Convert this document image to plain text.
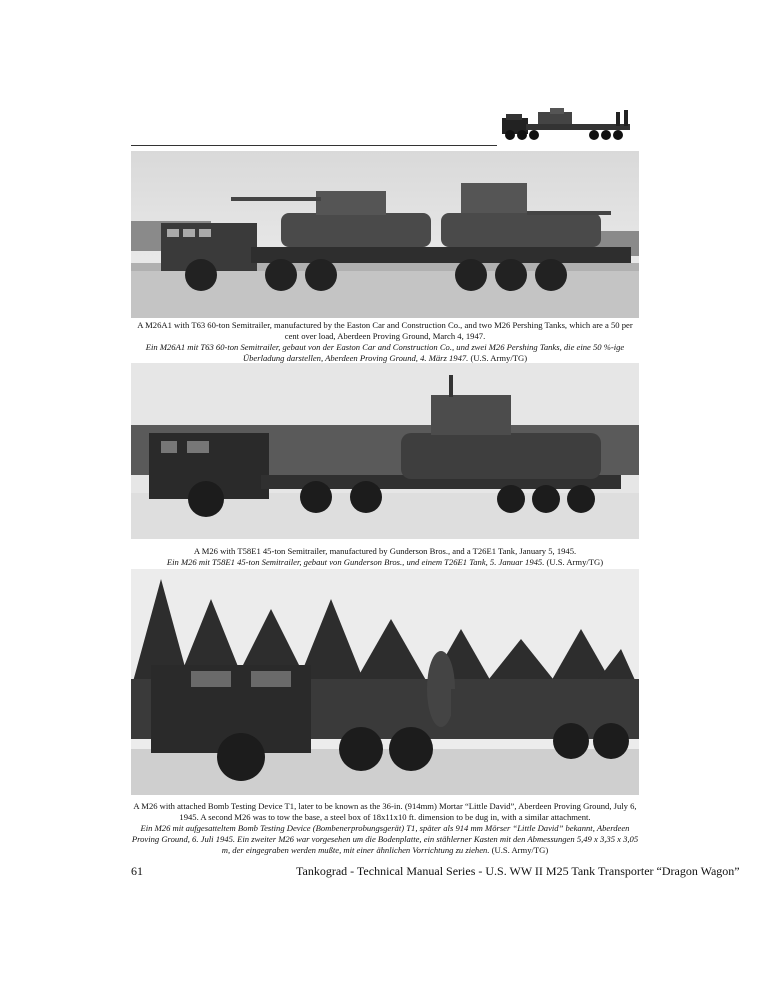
A M26A1 with T63 60-ton Semitrailer, manufactured by the Easton Car and Construction Co., and two M26 Pershing Tanks, which are a 50 per cent over load, Aberdeen Proving Ground, March 4, 1947.

Ein M26A1 mit T63 60-ton Semitrailer, gebaut von der Easton Car and Construction Co., und zwei M26 Pershing Tanks, die eine 50 %-ige Überladung darstellen, Aberdeen Proving Ground, 4. März 1947. (U.S. Army/TG)

A M26 with T58E1 45-ton Semitrailer, manufactured by Gunderson Bros., and a T26E1 Tank, January 5, 1945.

Ein M26 mit T58E1 45-ton Semitrailer, gebaut von Gunderson Bros., und einem T26E1 Tank, 5. Januar 1945. (U.S. Army/TG)

A M26 with attached Bomb Testing Device T1, later to be known as the 36-in. (914mm) Mortar “Little David”, Aberdeen Proving Ground, July 6, 1945. A second M26 was to tow the base, a steel box of 18x11x10 ft. dimension to be dug in, with a similar attachment.

Ein M26 mit aufgesatteltem Bomb Testing Device (Bombenerprobungsgerät) T1, später als 914 mm Mörser “Little David” bekannt, Aberdeen Proving Ground, 6. Juli 1945. Ein zweiter M26 war vorgesehen um die Bodenplatte, ein stählerner Kasten mit den Abmessungen 5,49 x 3,35 x 3,05 m, der eingegraben werden mußte, mit einer ähnlichen Vorrichtung zu ziehen. (U.S. Army/TG)

61	Tankograd - Technical Manual Series - U.S. WW II M25 Tank Transporter “Dragon Wagon”
